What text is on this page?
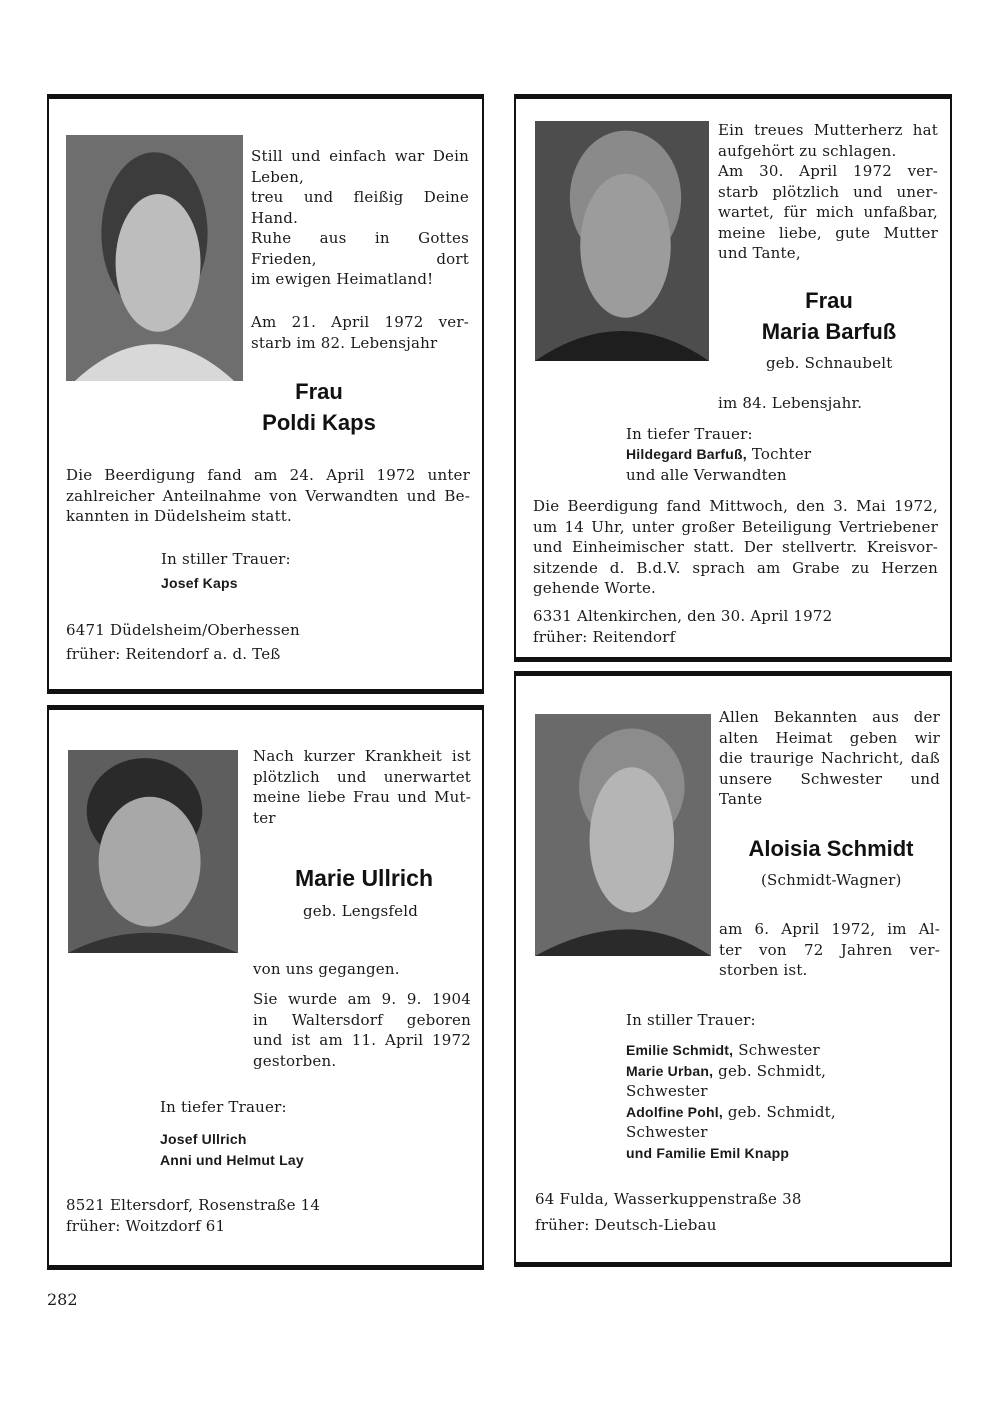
Still und einfach war Dein
Leben,
treu und fleißig Deine
Hand.
Ruhe aus in Gottes
Frieden, dort
im ewigen Heimatland!
Am 21. April 1972 ver-
starb im 82. Lebensjahr
Frau
Poldi Kaps
Die Beerdigung fand am 24. April 1972 unter
zahlreicher Anteilnahme von Verwandten und Be-
kannten in Düdelsheim statt.
In stiller Trauer:
Josef Kaps
6471 Düdelsheim/Oberhessen
früher: Reitendorf a. d. Teß
Ein treues Mutterherz hat
aufgehört zu schlagen.
Am 30. April 1972 ver-
starb plötzlich und uner-
wartet, für mich unfaßbar,
meine liebe, gute Mutter
und Tante,
Frau
Maria Barfuß
geb. Schnaubelt
im 84. Lebensjahr.
In tiefer Trauer:
Hildegard Barfuß, Tochter
und alle Verwandten
Die Beerdigung fand Mittwoch, den 3. Mai 1972,
um 14 Uhr, unter großer Beteiligung Vertriebener
und Einheimischer statt. Der stellvertr. Kreisvor-
sitzende d. B.d.V. sprach am Grabe zu Herzen
gehende Worte.
6331 Altenkirchen, den 30. April 1972
früher: Reitendorf
Nach kurzer Krankheit ist
plötzlich und unerwartet
meine liebe Frau und Mut-
ter
Marie Ullrich
geb. Lengsfeld
von uns gegangen.
Sie wurde am 9. 9. 1904
in Waltersdorf geboren
und ist am 11. April 1972
gestorben.
In tiefer Trauer:
Josef Ullrich
Anni und Helmut Lay
8521 Eltersdorf, Rosenstraße 14
früher: Woitzdorf 61
Allen Bekannten aus der
alten Heimat geben wir
die traurige Nachricht, daß
unsere Schwester und
Tante
Aloisia Schmidt
(Schmidt-Wagner)
am 6. April 1972, im Al-
ter von 72 Jahren ver-
storben ist.
In stiller Trauer:
Emilie Schmidt, Schwester
Marie Urban, geb. Schmidt,
Schwester
Adolfine Pohl, geb. Schmidt,
Schwester
und Familie Emil Knapp
64 Fulda, Wasserkuppenstraße 38
früher: Deutsch-Liebau
282
